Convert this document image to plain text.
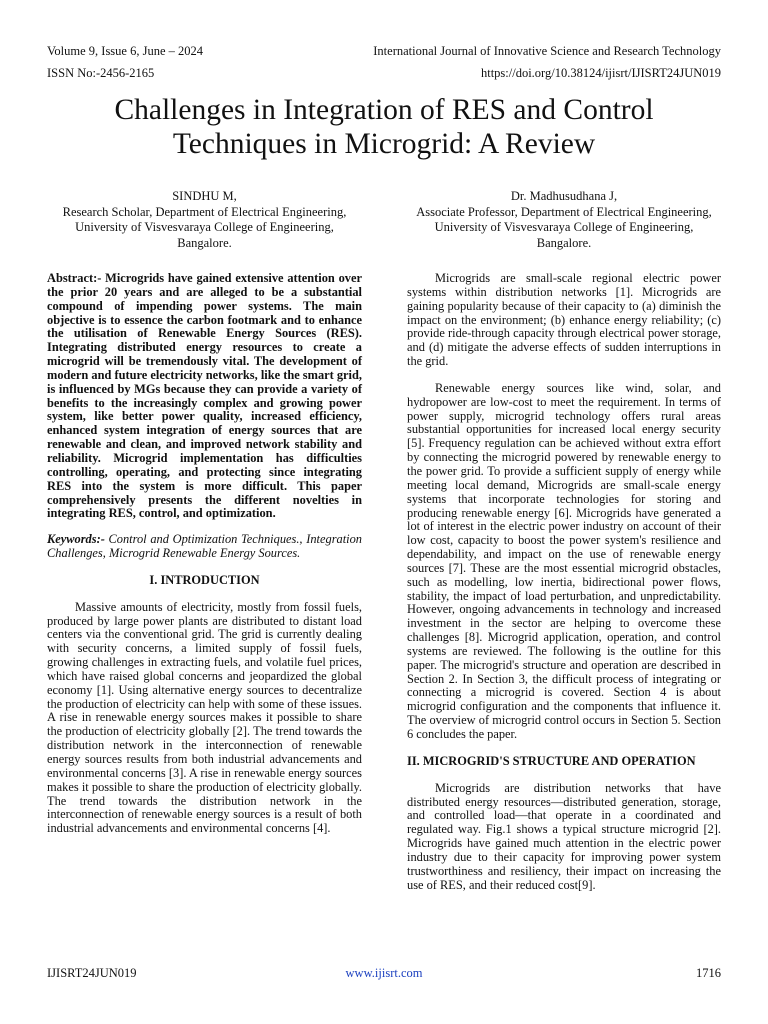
Volume 9, Issue 6, June – 2024	International Journal of Innovative Science and Research Technology
ISSN No:-2456-2165	https://doi.org/10.38124/ijisrt/IJISRT24JUN019
Challenges in Integration of RES and Control
Techniques in Microgrid: A Review
SINDHU M,
Research Scholar, Department of Electrical Engineering,
University of Visvesvaraya College of Engineering,
Bangalore.
Dr. Madhusudhana J,
Associate Professor, Department of Electrical Engineering,
University of Visvesvaraya College of Engineering,
Bangalore.

Abstract:- Microgrids have gained extensive attention over the prior 20 years and are alleged to be a substantial compound of impending power systems. The main objective is to essence the carbon footmark and to enhance the utilisation of Renewable Energy Sources (RES). Integrating distributed energy resources to create a microgrid will be tremendously vital. The development of modern and future electricity networks, like the smart grid, is influenced by MGs because they can provide a variety of benefits to the increasingly complex and growing power system, like better power quality, increased efficiency, enhanced system integration of energy sources that are renewable and clean, and improved network stability and reliability. Microgrid implementation has difficulties controlling, operating, and protecting since integrating RES into the system is more difficult. This paper comprehensively presents the different novelties in integrating RES, control, and optimization.

Keywords:- Control and Optimization Techniques., Integration Challenges, Microgrid Renewable Energy Sources.

I. INTRODUCTION

Massive amounts of electricity, mostly from fossil fuels, produced by large power plants are distributed to distant load centers via the conventional grid. The grid is currently dealing with security concerns, a limited supply of fossil fuels, growing challenges in extracting fuels, and volatile fuel prices, which have raised global concerns and jeopardized the global economy [1]. Using alternative energy sources to decentralize the production of electricity can help with some of these issues. A rise in renewable energy sources makes it possible to share the production of electricity globally [2]. The trend towards the distribution network in the interconnection of renewable energy sources results from both industrial advancements and environmental concerns [3]. A rise in renewable energy sources makes it possible to share the production of electricity globally. The trend towards the distribution network in the interconnection of renewable energy sources is a result of both industrial advancements and environmental concerns [4].

Microgrids are small-scale regional electric power systems within distribution networks [1]. Microgrids are gaining popularity because of their capacity to (a) diminish the impact on the environment; (b) enhance energy reliability; (c) provide ride-through capacity through electrical power storage, and (d) mitigate the adverse effects of sudden interruptions in the grid.

Renewable energy sources like wind, solar, and hydropower are low-cost to meet the requirement. In terms of power supply, microgrid technology offers rural areas substantial opportunities for increased local energy security [5]. Frequency regulation can be achieved without extra effort by connecting the microgrid powered by renewable energy to the power grid. To provide a sufficient supply of energy while meeting local demand, Microgrids are small-scale energy systems that incorporate technologies for storing and producing renewable energy [6]. Microgrids have generated a lot of interest in the electric power industry on account of their low cost, capacity to boost the power system's resilience and dependability, and impact on the use of renewable energy sources [7]. These are the most essential microgrid obstacles, such as modelling, low inertia, bidirectional power flows, stability, the impact of load perturbation, and unpredictability. However, ongoing advancements in technology and increased investment in the sector are helping to overcome these challenges [8]. Microgrid application, operation, and control systems are reviewed. The following is the outline for this paper. The microgrid's structure and operation are described in Section 2. In Section 3, the difficult process of integrating or connecting a microgrid is covered. Section 4 is about microgrid configuration and the components that influence it. The overview of microgrid control occurs in Section 5. Section 6 concludes the paper.

II. MICROGRID'S STRUCTURE AND OPERATION

Microgrids are distribution networks that have distributed energy resources—distributed generation, storage, and controlled load—that operate in a coordinated and regulated way. Fig.1 shows a typical structure microgrid [2]. Microgrids have gained much attention in the electric power industry due to their capacity for improving power system trustworthiness and resiliency, their impact on increasing the use of RES, and their reduced cost[9].

IJISRT24JUN019	www.ijisrt.com	1716
